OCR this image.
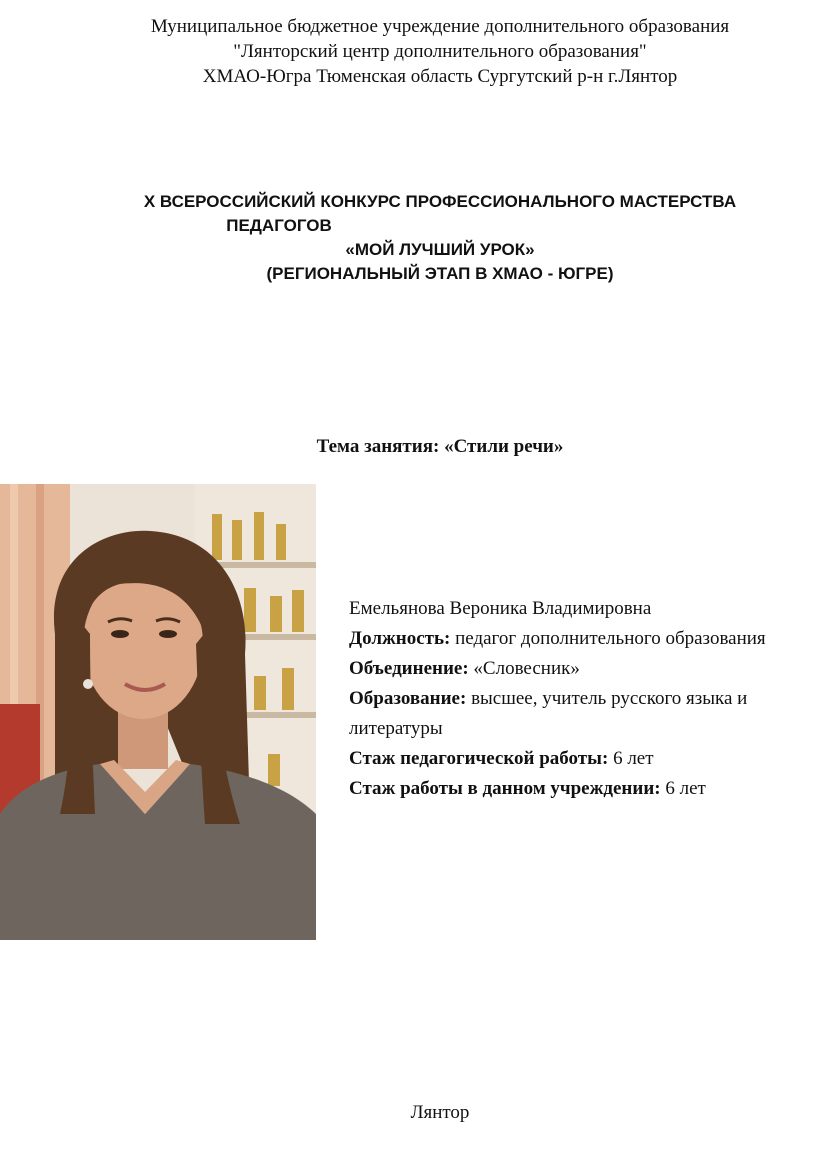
Муниципальное бюджетное учреждение дополнительного образования
"Лянторский центр дополнительного образования"
ХМАО-Югра Тюменская область Сургутский р-н г.Лянтор
X ВСЕРОССИЙСКИЙ КОНКУРС ПРОФЕССИОНАЛЬНОГО МАСТЕРСТВА
ПЕДАГОГОВ
«МОЙ ЛУЧШИЙ УРОК»
(РЕГИОНАЛЬНЫЙ ЭТАП В ХМАО - ЮГРЕ)
Тема занятия: «Стили речи»

Емельянова Вероника Владимировна

Должность: педагог дополнительного образования

Объединение: «Словесник»

Образование: высшее, учитель русского языка и литературы

Стаж педагогической работы: 6 лет

Стаж работы в данном учреждении: 6 лет

Лянтор
